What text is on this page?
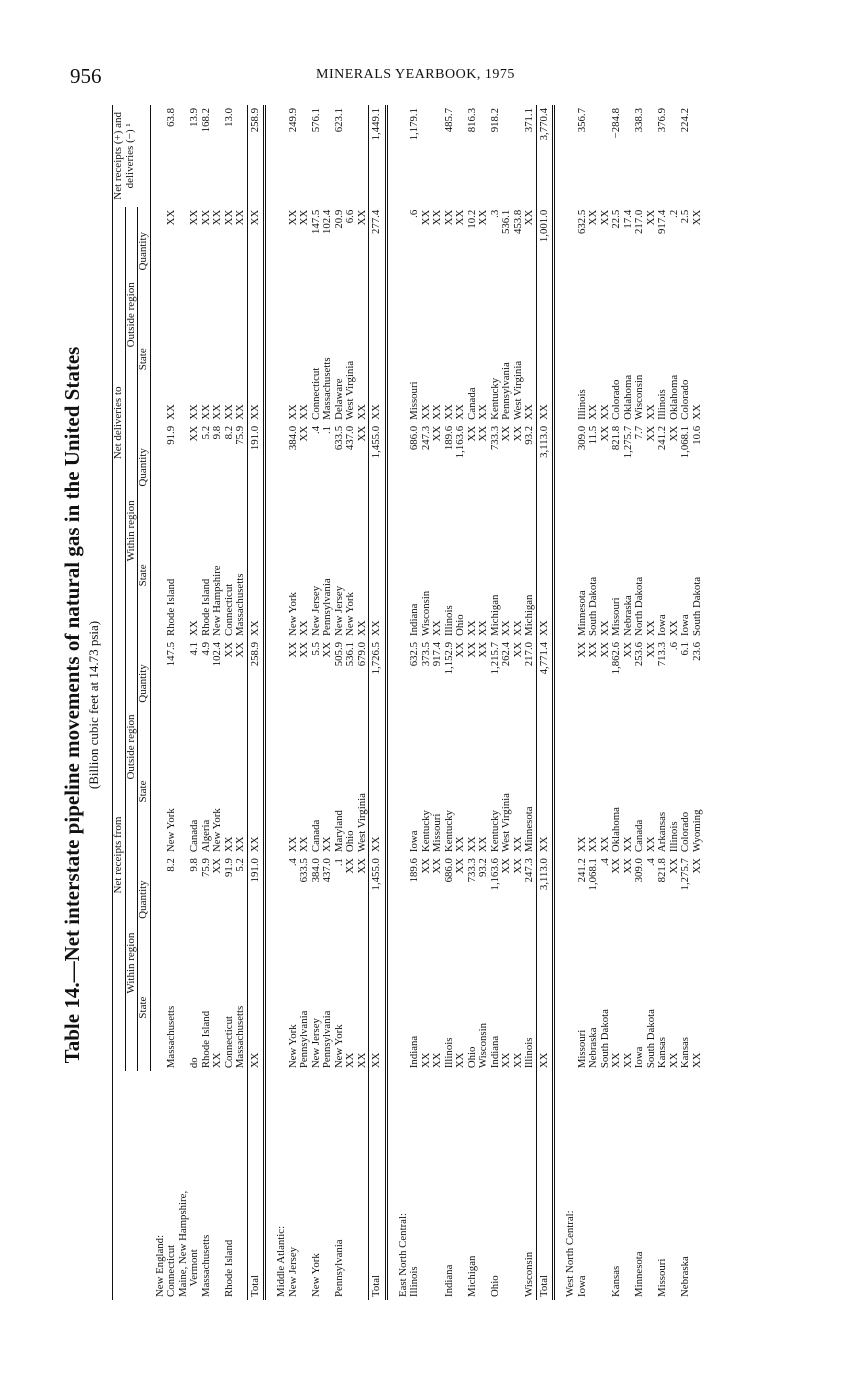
956	MINERALS YEARBOOK, 1975
Table 14.—Net interstate pipeline movements of natural gas in the United States (Billion cubic feet at 14.73 psia)
	Net receipts from				Net deliveries to				Net receipts (+) and deliveries (−) ¹
	Within region		Outside region		Within region		Outside region		
	State	Quantity	State	Quantity	State	Quantity	State	Quantity	
New England:									
Connecticut	Massachusetts	8.2	New York	147.5	Rhode Island	91.9	XX	XX	63.8
Maine, New Hampshire,									
Vermont	do	9.8	Canada	4.1	XX	XX	XX	XX	13.9
Massachusetts	Rhode Island	75.9	Algeria	4.9	Rhode Island	5.2	XX	XX	168.2
	XX	XX	New York	102.4	New Hampshire	9.8	XX	XX	
Rhode Island	Connecticut	91.9	XX	XX	Connecticut	8.2	XX	XX	13.0
	Massachusetts	5.2	XX	XX	Massachusetts	75.9	XX	XX	
Total	XX	191.0	XX	258.9	XX	191.0	XX	XX	258.9

Middle Atlantic:									
New Jersey	New York	.4	XX	XX	New York	384.0	XX	XX	249.9
	Pennsylvania	633.5	XX	XX	XX	XX	XX	XX	
New York	New Jersey	384.0	Canada	5.5	New Jersey	.4	Connecticut	147.5	576.1
	Pennsylvania	437.0	XX	XX	Pennsylvania	.1	Massachusetts	102.4	
Pennsylvania	New York	.1	Maryland	505.9	New Jersey	633.5	Delaware	20.9	623.1
	XX	XX	Ohio	536.1	New York	437.0	West Virginia	6.6	
	XX	XX	West Virginia	679.0	XX	XX	XX	XX	
Total	XX	1,455.0	XX	1,726.5	XX	1,455.0	XX	277.4	1,449.1

East North Central:									
Illinois	Indiana	189.6	Iowa	632.5	Indiana	686.0	Missouri	.6	1,179.1
	XX	XX	Kentucky	373.5	Wisconsin	247.3	XX	XX	
	XX	XX	Missouri	917.4	XX	XX	XX	XX	
Indiana	Illinois	686.0	Kentucky	1,152.9	Illinois	189.6	XX	XX	485.7
	XX	XX	XX	XX	Ohio	1,163.6	XX	XX	
Michigan	Ohio	733.3	XX	XX	XX	XX	Canada	10.2	816.3
	Wisconsin	93.2	XX	XX	XX	XX	XX	XX	
Ohio	Indiana	1,163.6	Kentucky	1,215.7	Michigan	733.3	Kentucky	.3	918.2
	XX	XX	West Virginia	262.4	XX	XX	Pennsylvania	536.1	
	XX	XX	XX	XX	XX	XX	West Virginia	453.8	
Wisconsin	Illinois	247.3	Minnesota	217.0	Michigan	93.2	XX	XX	371.1
Total	XX	3,113.0	XX	4,771.4	XX	3,113.0	XX	1,001.0	3,770.4

West North Central:									
Iowa	Missouri	241.2	XX	XX	Minnesota	309.0	Illinois	632.5	356.7
	Nebraska	1,068.1	XX	XX	South Dakota	11.5	XX	XX	
	South Dakota	.4	XX	XX	XX	XX	XX	XX	
Kansas	XX	XX	Oklahoma	1,862.6	Missouri	821.8	Colorado	22.5	−284.8
	XX	XX	XX	XX	Nebraska	1,275.7	Oklahoma	17.4	
Minnesota	Iowa	309.0	Canada	253.6	North Dakota	7.7	Wisconsin	217.0	338.3
	South Dakota	.4	XX	XX	XX	XX	XX	XX	
Missouri	Kansas	821.8	Arkansas	713.3	Iowa	241.2	Illinois	917.4	376.9
	XX	XX	Illinois	.6	XX	XX	Oklahoma	.2	
Nebraska	Kansas	1,275.7	Colorado	6.1	Iowa	1,068.1	Colorado	2.5	224.2
	XX	XX	Wyoming	23.6	South Dakota	10.6	XX	XX	
